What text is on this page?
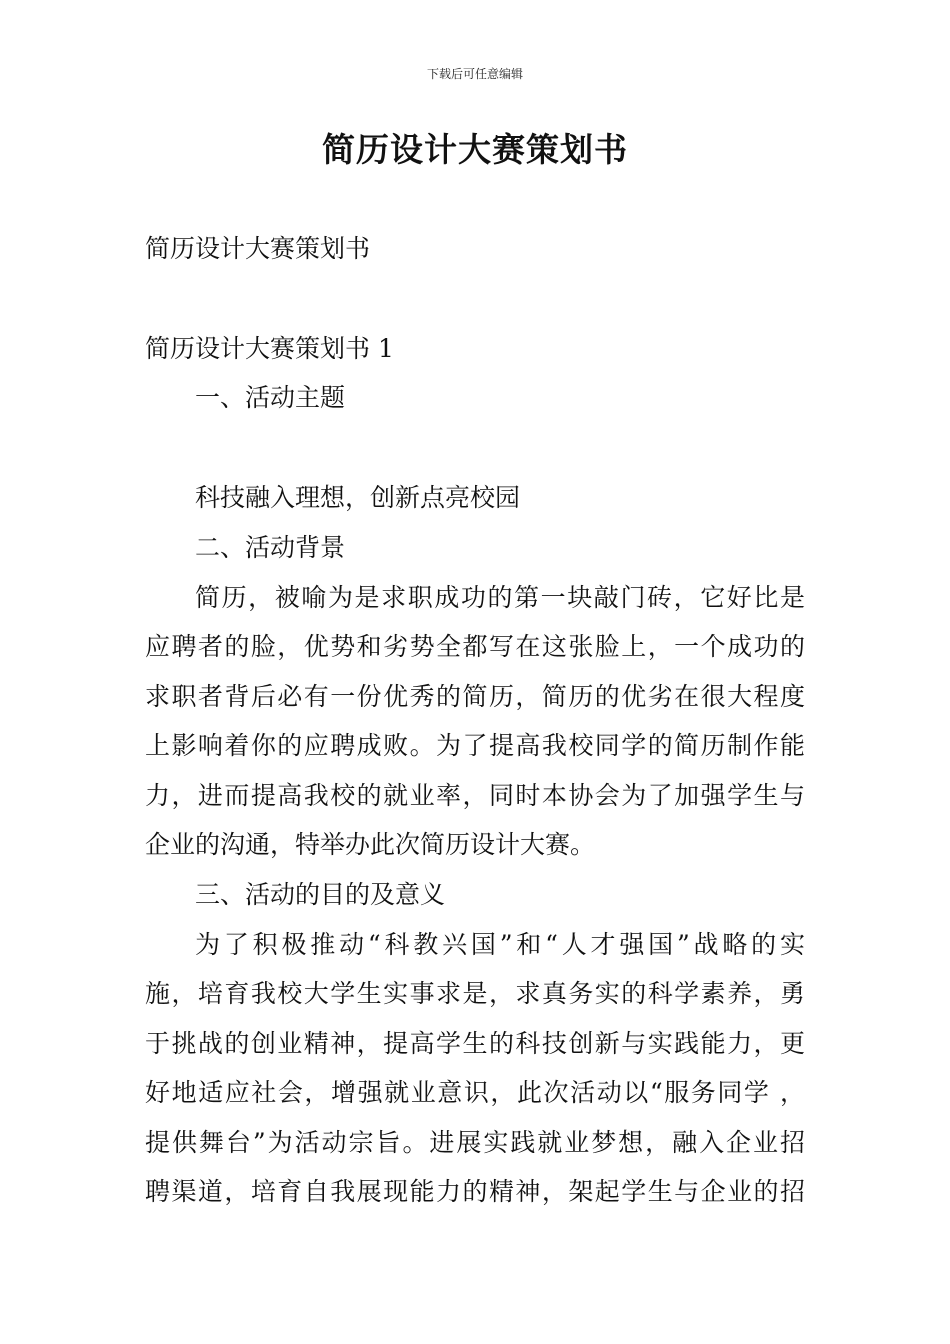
下载后可任意编辑
简历设计大赛策划书
简历设计大赛策划书
简历设计大赛策划书 1
一、活动主题
科技融入理想，创新点亮校园
二、活动背景
简历，被喻为是求职成功的第一块敲门砖，它好比是
应聘者的脸，优势和劣势全都写在这张脸上，一个成功的
求职者背后必有一份优秀的简历，简历的优劣在很大程度
上影响着你的应聘成败。为了提高我校同学的简历制作能
力，进而提高我校的就业率，同时本协会为了加强学生与
企业的沟通，特举办此次简历设计大赛。
三、活动的目的及意义
为了积极推动“科教兴国”和“人才强国”战略的实
施，培育我校大学生实事求是，求真务实的科学素养，勇
于挑战的创业精神，提高学生的科技创新与实践能力，更
好地适应社会，增强就业意识，此次活动以“服务同学 ，
提供舞台”为活动宗旨。进展实践就业梦想，融入企业招
聘渠道，培育自我展现能力的精神，架起学生与企业的招
